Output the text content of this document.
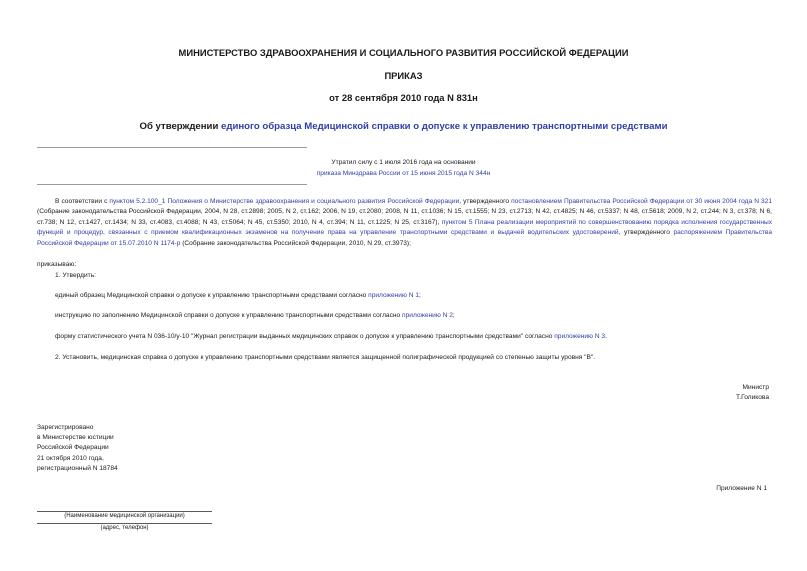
МИНИСТЕРСТВО ЗДРАВООХРАНЕНИЯ И СОЦИАЛЬНОГО РАЗВИТИЯ РОССИЙСКОЙ ФЕДЕРАЦИИ
ПРИКАЗ
от 28 сентября 2010 года N 831н
Об утверждении единого образца Медицинской справки о допуске к управлению транспортными средствами
Утратил силу с 1 июля 2016 года на основании
приказа Минздрава России от 15 июня 2015 года N 344н
В соответствии с пунктом 5.2.100_1 Положения о Министерстве здравоохранения и социального развития Российской Федерации, утвержденного постановлением Правительства Российской Федерации от 30 июня 2004 года N 321 (Собрание законодательства Российской Федерации, 2004, N 28, ст.2898; 2005, N 2, ст.162; 2006, N 19, ст.2080; 2008, N 11, ст.1036; N 15, ст.1555; N 23, ст.2713; N 42, ст.4825; N 46, ст.5337; N 48, ст.5618; 2009, N 2, ст.244; N 3, ст.378; N 6, ст.738; N 12, ст.1427, ст.1434; N 33, ст.4083, ст.4088; N 43, ст.5064; N 45, ст.5350; 2010, N 4, ст.394; N 11, ст.1225; N 25, ст.3167), пунктом 5 Плана реализации мероприятий по совершенствованию порядка исполнения государственных функций и процедур, связанных с приемом квалификационных экзаменов на получение права на управление транспортными средствами и выдачей водительских удостоверений, утвержденного распоряжением Правительства Российской Федерации от 15.07.2010 N 1174-р (Собрание законодательства Российской Федерации, 2010, N 29, ст.3973);
приказываю:
1. Утвердить:
единый образец Медицинской справки о допуске к управлению транспортными средствами согласно приложению N 1;
инструкцию по заполнению Медицинской справки о допуске к управлению транспортными средствами согласно приложению N 2;
форму статистического учета N 036-10/у-10 "Журнал регистрации выданных медицинских справок о допуске к управлению транспортными средствами" согласно приложению N 3.
2. Установить, медицинская справка о допуске к управлению транспортными средствами является защищенной полиграфической продукцией со степенью защиты уровня "В".
Министр
Т.Голикова
Зарегистрировано
в Министерстве юстиции
Российской Федерации
21 октября 2010 года,
регистрационный N 18784
Приложение N 1
(Наименование медицинской организации)
(адрес, телефон)
